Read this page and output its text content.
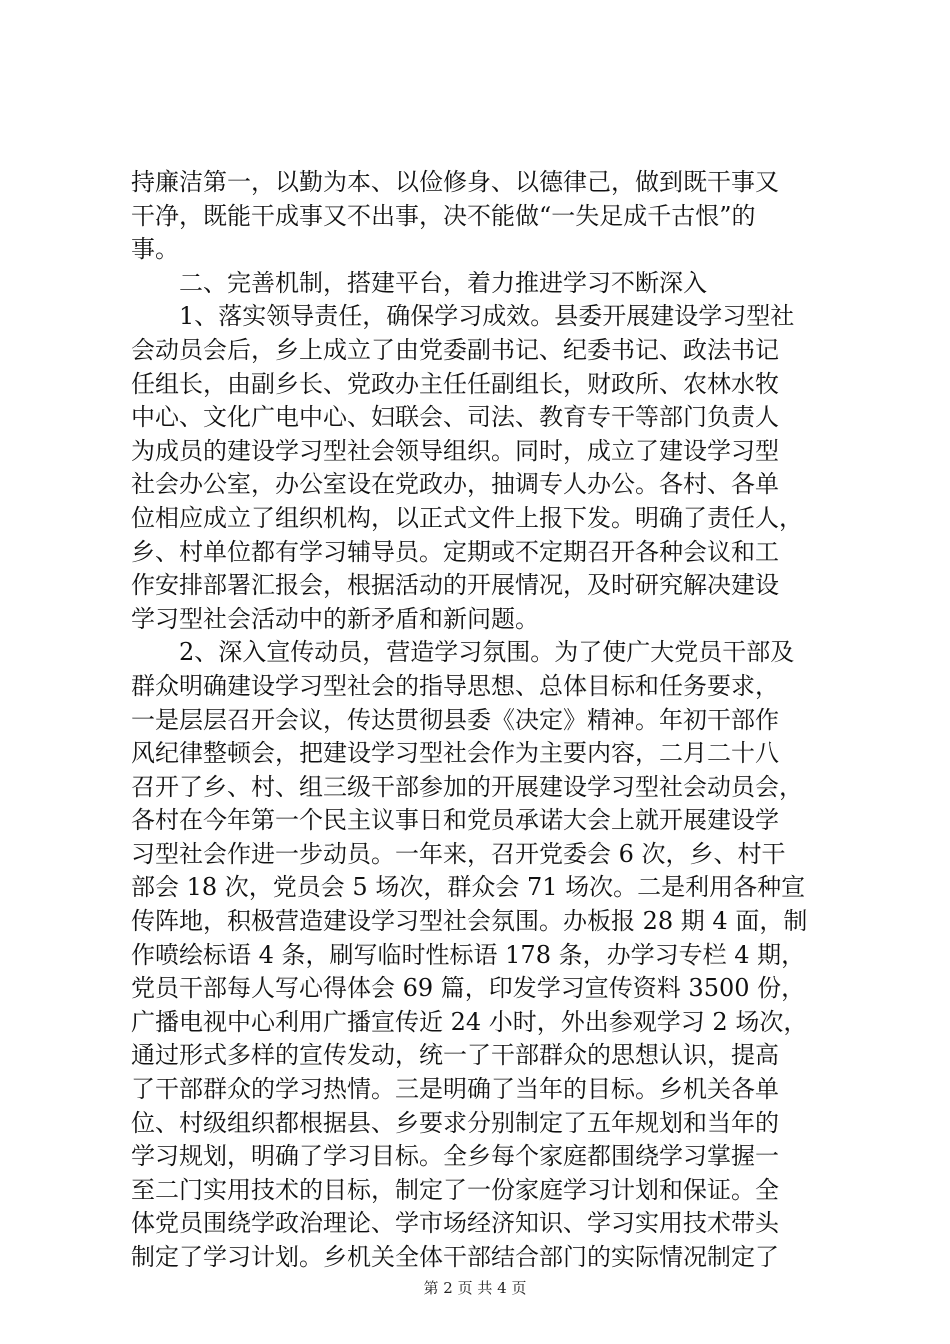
持廉洁第一，以勤为本、以俭修身、以德律己，做到既干事又
干净，既能干成事又不出事，决不能做“一失足成千古恨”的
事。
　　二、完善机制，搭建平台，着力推进学习不断深入
　　1、落实领导责任，确保学习成效。县委开展建设学习型社
会动员会后，乡上成立了由党委副书记、纪委书记、政法书记
任组长，由副乡长、党政办主任任副组长，财政所、农林水牧
中心、文化广电中心、妇联会、司法、教育专干等部门负责人
为成员的建设学习型社会领导组织。同时，成立了建设学习型
社会办公室，办公室设在党政办，抽调专人办公。各村、各单
位相应成立了组织机构，以正式文件上报下发。明确了责任人，
乡、村单位都有学习辅导员。定期或不定期召开各种会议和工
作安排部署汇报会，根据活动的开展情况，及时研究解决建设
学习型社会活动中的新矛盾和新问题。
　　2、深入宣传动员，营造学习氛围。为了使广大党员干部及
群众明确建设学习型社会的指导思想、总体目标和任务要求，
一是层层召开会议，传达贯彻县委《决定》精神。年初干部作
风纪律整顿会，把建设学习型社会作为主要内容，二月二十八
召开了乡、村、组三级干部参加的开展建设学习型社会动员会，
各村在今年第一个民主议事日和党员承诺大会上就开展建设学
习型社会作进一步动员。一年来，召开党委会 6 次，乡、村干
部会 18 次，党员会 5 场次，群众会 71 场次。二是利用各种宣
传阵地，积极营造建设学习型社会氛围。办板报 28 期 4 面，制
作喷绘标语 4 条，刷写临时性标语 178 条，办学习专栏 4 期，
党员干部每人写心得体会 69 篇，印发学习宣传资料 3500 份，
广播电视中心利用广播宣传近 24 小时，外出参观学习 2 场次，
通过形式多样的宣传发动，统一了干部群众的思想认识，提高
了干部群众的学习热情。三是明确了当年的目标。乡机关各单
位、村级组织都根据县、乡要求分别制定了五年规划和当年的
学习规划，明确了学习目标。全乡每个家庭都围绕学习掌握一
至二门实用技术的目标，制定了一份家庭学习计划和保证。全
体党员围绕学政治理论、学市场经济知识、学习实用技术带头
制定了学习计划。乡机关全体干部结合部门的实际情况制定了
第 2 页 共 4 页
